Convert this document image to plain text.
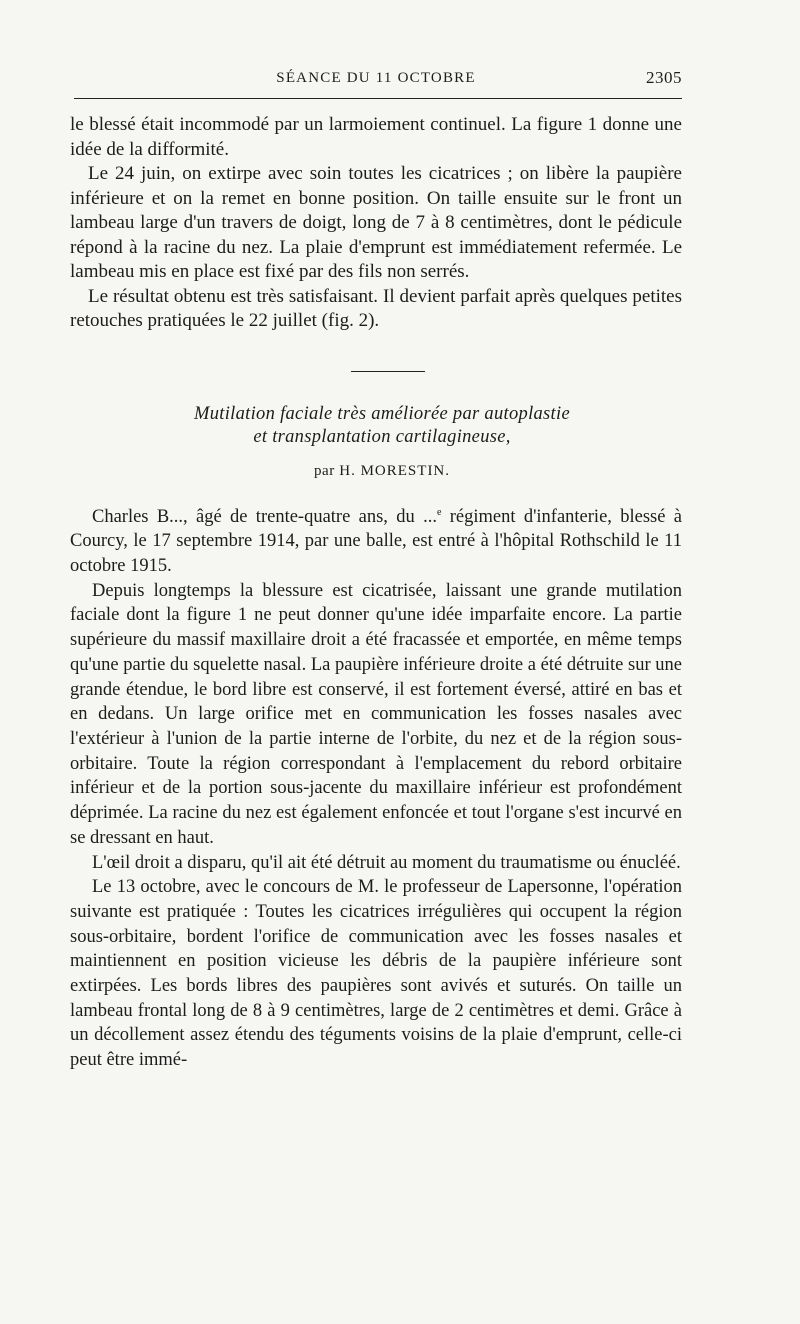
SÉANCE DU 11 OCTOBRE	2305

le blessé était incommodé par un larmoiement continuel. La figure 1 donne une idée de la difformité.

Le 24 juin, on extirpe avec soin toutes les cicatrices ; on libère la paupière inférieure et on la remet en bonne position. On taille ensuite sur le front un lambeau large d'un travers de doigt, long de 7 à 8 centimètres, dont le pédicule répond à la racine du nez. La plaie d'emprunt est immédiatement refermée. Le lambeau mis en place est fixé par des fils non serrés.

Le résultat obtenu est très satisfaisant. Il devient parfait après quelques petites retouches pratiquées le 22 juillet (fig. 2).

Mutilation faciale très améliorée par autoplastie
et transplantation cartilagineuse,
par H. MORESTIN.

Charles B..., âgé de trente-quatre ans, du ...$^e$ régiment d'infanterie, blessé à Courcy, le 17 septembre 1914, par une balle, est entré à l'hôpital Rothschild le 11 octobre 1915.

Depuis longtemps la blessure est cicatrisée, laissant une grande mutilation faciale dont la figure 1 ne peut donner qu'une idée imparfaite encore. La partie supérieure du massif maxillaire droit a été fracassée et emportée, en même temps qu'une partie du squelette nasal. La paupière inférieure droite a été détruite sur une grande étendue, le bord libre est conservé, il est fortement éversé, attiré en bas et en dedans. Un large orifice met en communication les fosses nasales avec l'extérieur à l'union de la partie interne de l'orbite, du nez et de la région sous-orbitaire. Toute la région correspondant à l'emplacement du rebord orbitaire inférieur et de la portion sous-jacente du maxillaire inférieur est profondément déprimée. La racine du nez est également enfoncée et tout l'organe s'est incurvé en se dressant en haut.

L'œil droit a disparu, qu'il ait été détruit au moment du traumatisme ou énucléé.

Le 13 octobre, avec le concours de M. le professeur de Lapersonne, l'opération suivante est pratiquée : Toutes les cicatrices irrégulières qui occupent la région sous-orbitaire, bordent l'orifice de communication avec les fosses nasales et maintiennent en position vicieuse les débris de la paupière inférieure sont extirpées. Les bords libres des paupières sont avivés et suturés. On taille un lambeau frontal long de 8 à 9 centimètres, large de 2 centimètres et demi. Grâce à un décollement assez étendu des téguments voisins de la plaie d'emprunt, celle-ci peut être immé-
